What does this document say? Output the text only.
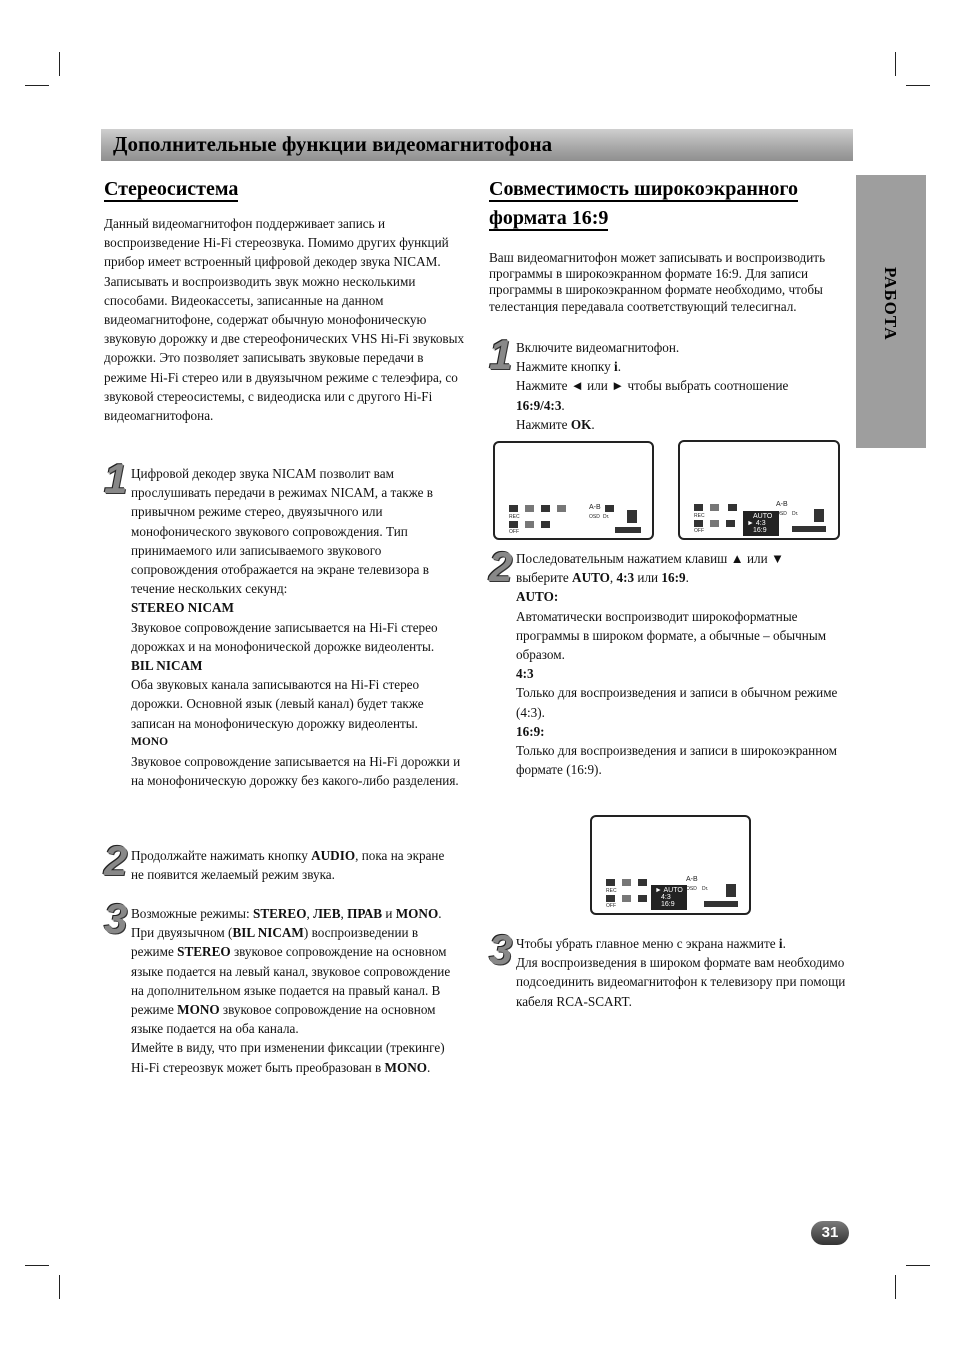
Дополнительные функции видеомагнитофона
РАБОТА
Стереосистема

Данный видеомагнитофон поддерживает запись и воспроизведение Hi-Fi стереозвука. Помимо других функций прибор имеет встроенный цифровой декодер звука NICAM. Записывать и воспроизводить звук можно несколькими способами. Видеокассеты, записанные на данном видеомагнитофоне, содержат обычную монофоническую звуковую дорожку и две стереофонических VHS Hi-Fi звуковых дорожки. Это позволяет записывать звуковые передачи в режиме Hi-Fi стерео или в двуязычном режиме с телеэфира, со звуковой стереосистемы, с видеодиска или с другого Hi-Fi видеомагнитофона.

1 Цифровой декодер звука NICAM позволит вам прослушивать передачи в режимах NICAM, а также в привычном режиме стерео, двуязычного или монофонического звукового сопровождения. Тип принимаемого или записываемого звукового сопровождения отображается на экране телевизора в течение нескольких секунд:

STEREO NICAM

Звуковое сопровождение записывается на Hi-Fi стерео дорожках и на монофонической дорожке видеоленты.

BIL NICAM

Оба звуковых канала записываются на Hi-Fi стерео дорожки. Основной язык (левый канал) будет также записан на монофоническую дорожку видеоленты.

MONO

Звуковое сопровождение записывается на Hi-Fi дорожки и на монофоническую дорожку без какого-либо разделения.

2 Продолжайте нажимать кнопку AUDIO, пока на экране не появится желаемый режим звука.

3 Возможные режимы: STEREO, ЛЕВ, ПРАВ и MONO.

При двуязычном (BIL NICAM) воспроизведении в режиме STEREO звуковое сопровождение на основном языке подается на левый канал, звуковое сопровождение на дополнительном языке подается на правый канал. В режиме MONO звуковое сопровождение на основном языке подается на оба канала.

Имейте в виду, что при изменении фиксации (трекинге) Hi-Fi стереозвук может быть преобразован в MONO.

Совместимость широкоэкранного
формата 16:9

Ваш видеомагнитофон может записывать и воспроизводить программы в широкоэкранном формате 16:9. Для записи программы в широкоэкранном формате необходимо, чтобы телестанция передавала соответствующий телесигнал.

1 Включите видеомагнитофон.

Нажмите кнопку i.

Нажмите ◄ или ► чтобы выбрать соотношение

16:9/4:3.

Нажмите OK.

A-B
REC
OFF
OSD Dr.
A-B
AUTO
► 4:3
16:9
REC
OFF
OSD Dr.
2 Последовательным нажатием клавиш ▲ или ▼

выберите AUTO, 4:3 или 16:9.

AUTO:

Автоматически воспроизводит широкоформатные программы в широком формате, а обычные – обычным образом.

4:3

Только для воспроизведения и записи в обычном режиме (4:3).

16:9:

Только для воспроизведения и записи в широкоэкранном формате (16:9).

A-B
► AUTO
4:3
16:9
REC
OFF
OSD Dr.
3 Чтобы убрать главное меню с экрана нажмите i.

Для воспроизведения в широком формате вам необходимо подсоединить видеомагнитофон к телевизору при помощи кабеля RCA-SCART.

31
